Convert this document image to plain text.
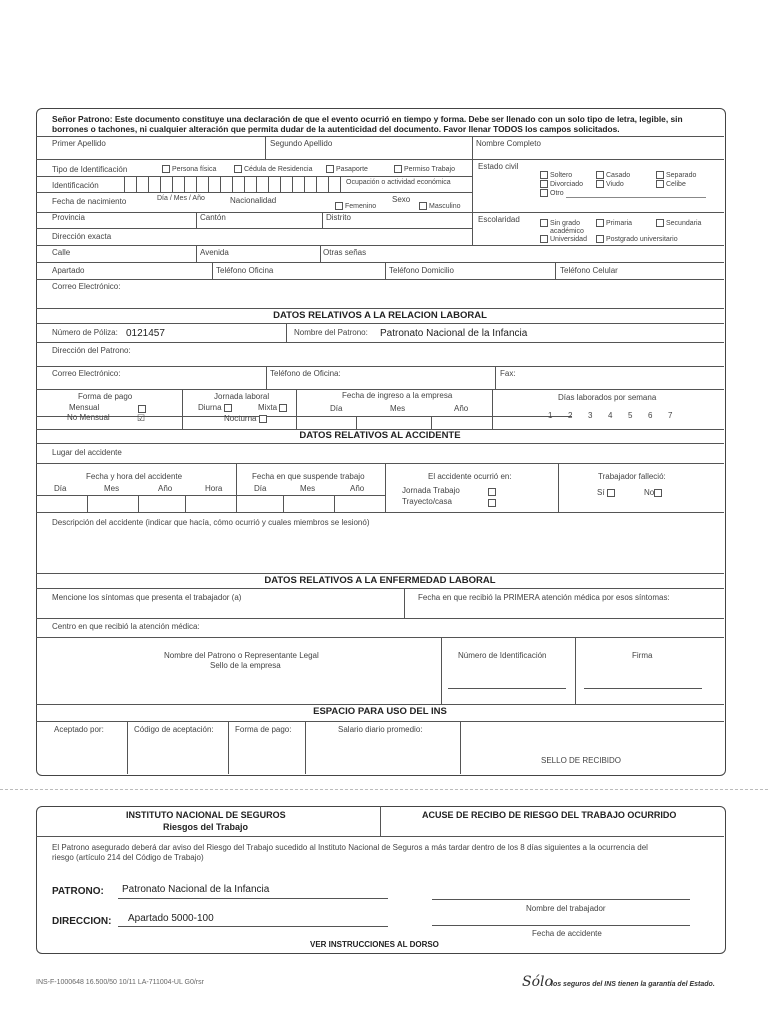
Señor Patrono: Este documento constituye una declaración de que el evento ocurrió en tiempo y forma. Debe ser llenado con un solo tipo de letra, legible, sin
borrones o tachones, ni cualquier alteración que permita dudar de la autenticidad del documento. Favor llenar TODOS los campos solicitados.
Primer Apellido	Segundo Apellido	Nombre Completo
Tipo de Identificación	Persona física	Cédula de Residencia	Pasaporte	Permiso Trabajo	Estado civil
Soltero	Casado	Separado
Divorciado	Viudo	Celibe
Otro
Identificación	Ocupación o actividad económica
Fecha de nacimiento	Día / Mes / Año	Nacionalidad	Sexo
Femenino	Masculino
Provincia	Cantón	Distrito	Escolaridad	Sin grado
académico
Primaria	Secundaria
Universidad	Postgrado universitario
Dirección exacta
Calle	Avenida	Otras señas
Apartado	Teléfono Oficina	Teléfono Domicilio	Teléfono Celular
Correo Electrónico:
DATOS RELATIVOS A LA RELACION LABORAL
Número de Póliza: 0121457	Nombre del Patrono: Patronato Nacional de la Infancia
Dirección del Patrono:
Correo Electrónico:	Teléfono de Oficina:	Fax:
Forma de pago
Mensual
No Mensual	☑
Jornada laboral
Diurna	Mixta
Nocturna
Fecha de ingreso a la empresa
Día	Mes	Año
Días laborados por semana
1 2 3 4 5 6 7
DATOS RELATIVOS AL ACCIDENTE
Lugar del accidente
Fecha y hora del accidente
Día	Mes	Año	Hora
Fecha en que suspende trabajo
Día	Mes	Año
El accidente ocurrió en:
Jornada Trabajo
Trayecto/casa
Trabajador falleció:
Sí	No
Descripción del accidente (indicar que hacía, cómo ocurrió y cuales miembros se lesionó)
DATOS RELATIVOS A LA ENFERMEDAD LABORAL
Mencione los síntomas que presenta el trabajador (a)	Fecha en que recibió la PRIMERA atención médica por esos síntomas:
Centro en que recibió la atención médica:
Nombre del Patrono o Representante Legal
Sello de la empresa
Número de Identificación	Firma
ESPACIO PARA USO DEL INS
Aceptado por:	Código de aceptación:	Forma de pago:	Salario diario promedio:
SELLO DE RECIBIDO
INSTITUTO NACIONAL DE SEGUROS
Riesgos del Trabajo
ACUSE DE RECIBO DE RIESGO DEL TRABAJO OCURRIDO
El Patrono asegurado deberá dar aviso del Riesgo del Trabajo sucedido al Instituto Nacional de Seguros a más tardar dentro de los 8 días siguientes a la ocurrencia del
riesgo (artículo 214 del Código de Trabajo)
PATRONO: Patronato Nacional de la Infancia
DIRECCION: Apartado 5000-100
Nombre del trabajador
Fecha de accidente
VER INSTRUCCIONES AL DORSO
INS-F-1000648 16.500/50 10/11 LA-711004-UL G0/rsr	Sólo
los seguros del INS tienen la garantía del Estado.
